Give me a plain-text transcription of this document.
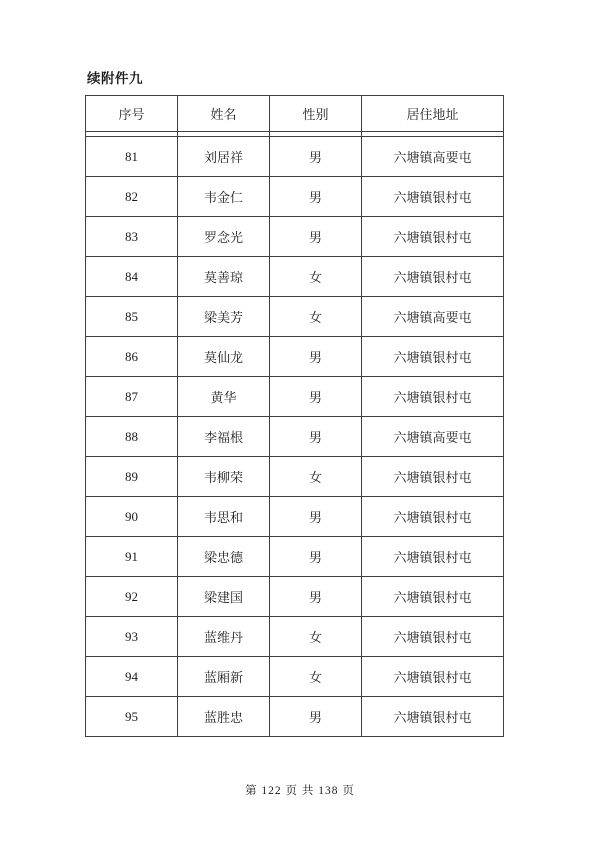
续附件九
序号	姓名	性别	居住地址

81	刘居祥	男	六塘镇高要屯
82	韦金仁	男	六塘镇银村屯
83	罗念光	男	六塘镇银村屯
84	莫善琼	女	六塘镇银村屯
85	梁美芳	女	六塘镇高要屯
86	莫仙龙	男	六塘镇银村屯
87	黄华	男	六塘镇银村屯
88	李福根	男	六塘镇高要屯
89	韦柳荣	女	六塘镇银村屯
90	韦思和	男	六塘镇银村屯
91	梁忠德	男	六塘镇银村屯
92	梁建国	男	六塘镇银村屯
93	蓝维丹	女	六塘镇银村屯
94	蓝厢新	女	六塘镇银村屯
95	蓝胜忠	男	六塘镇银村屯
第 122 页 共 138 页
